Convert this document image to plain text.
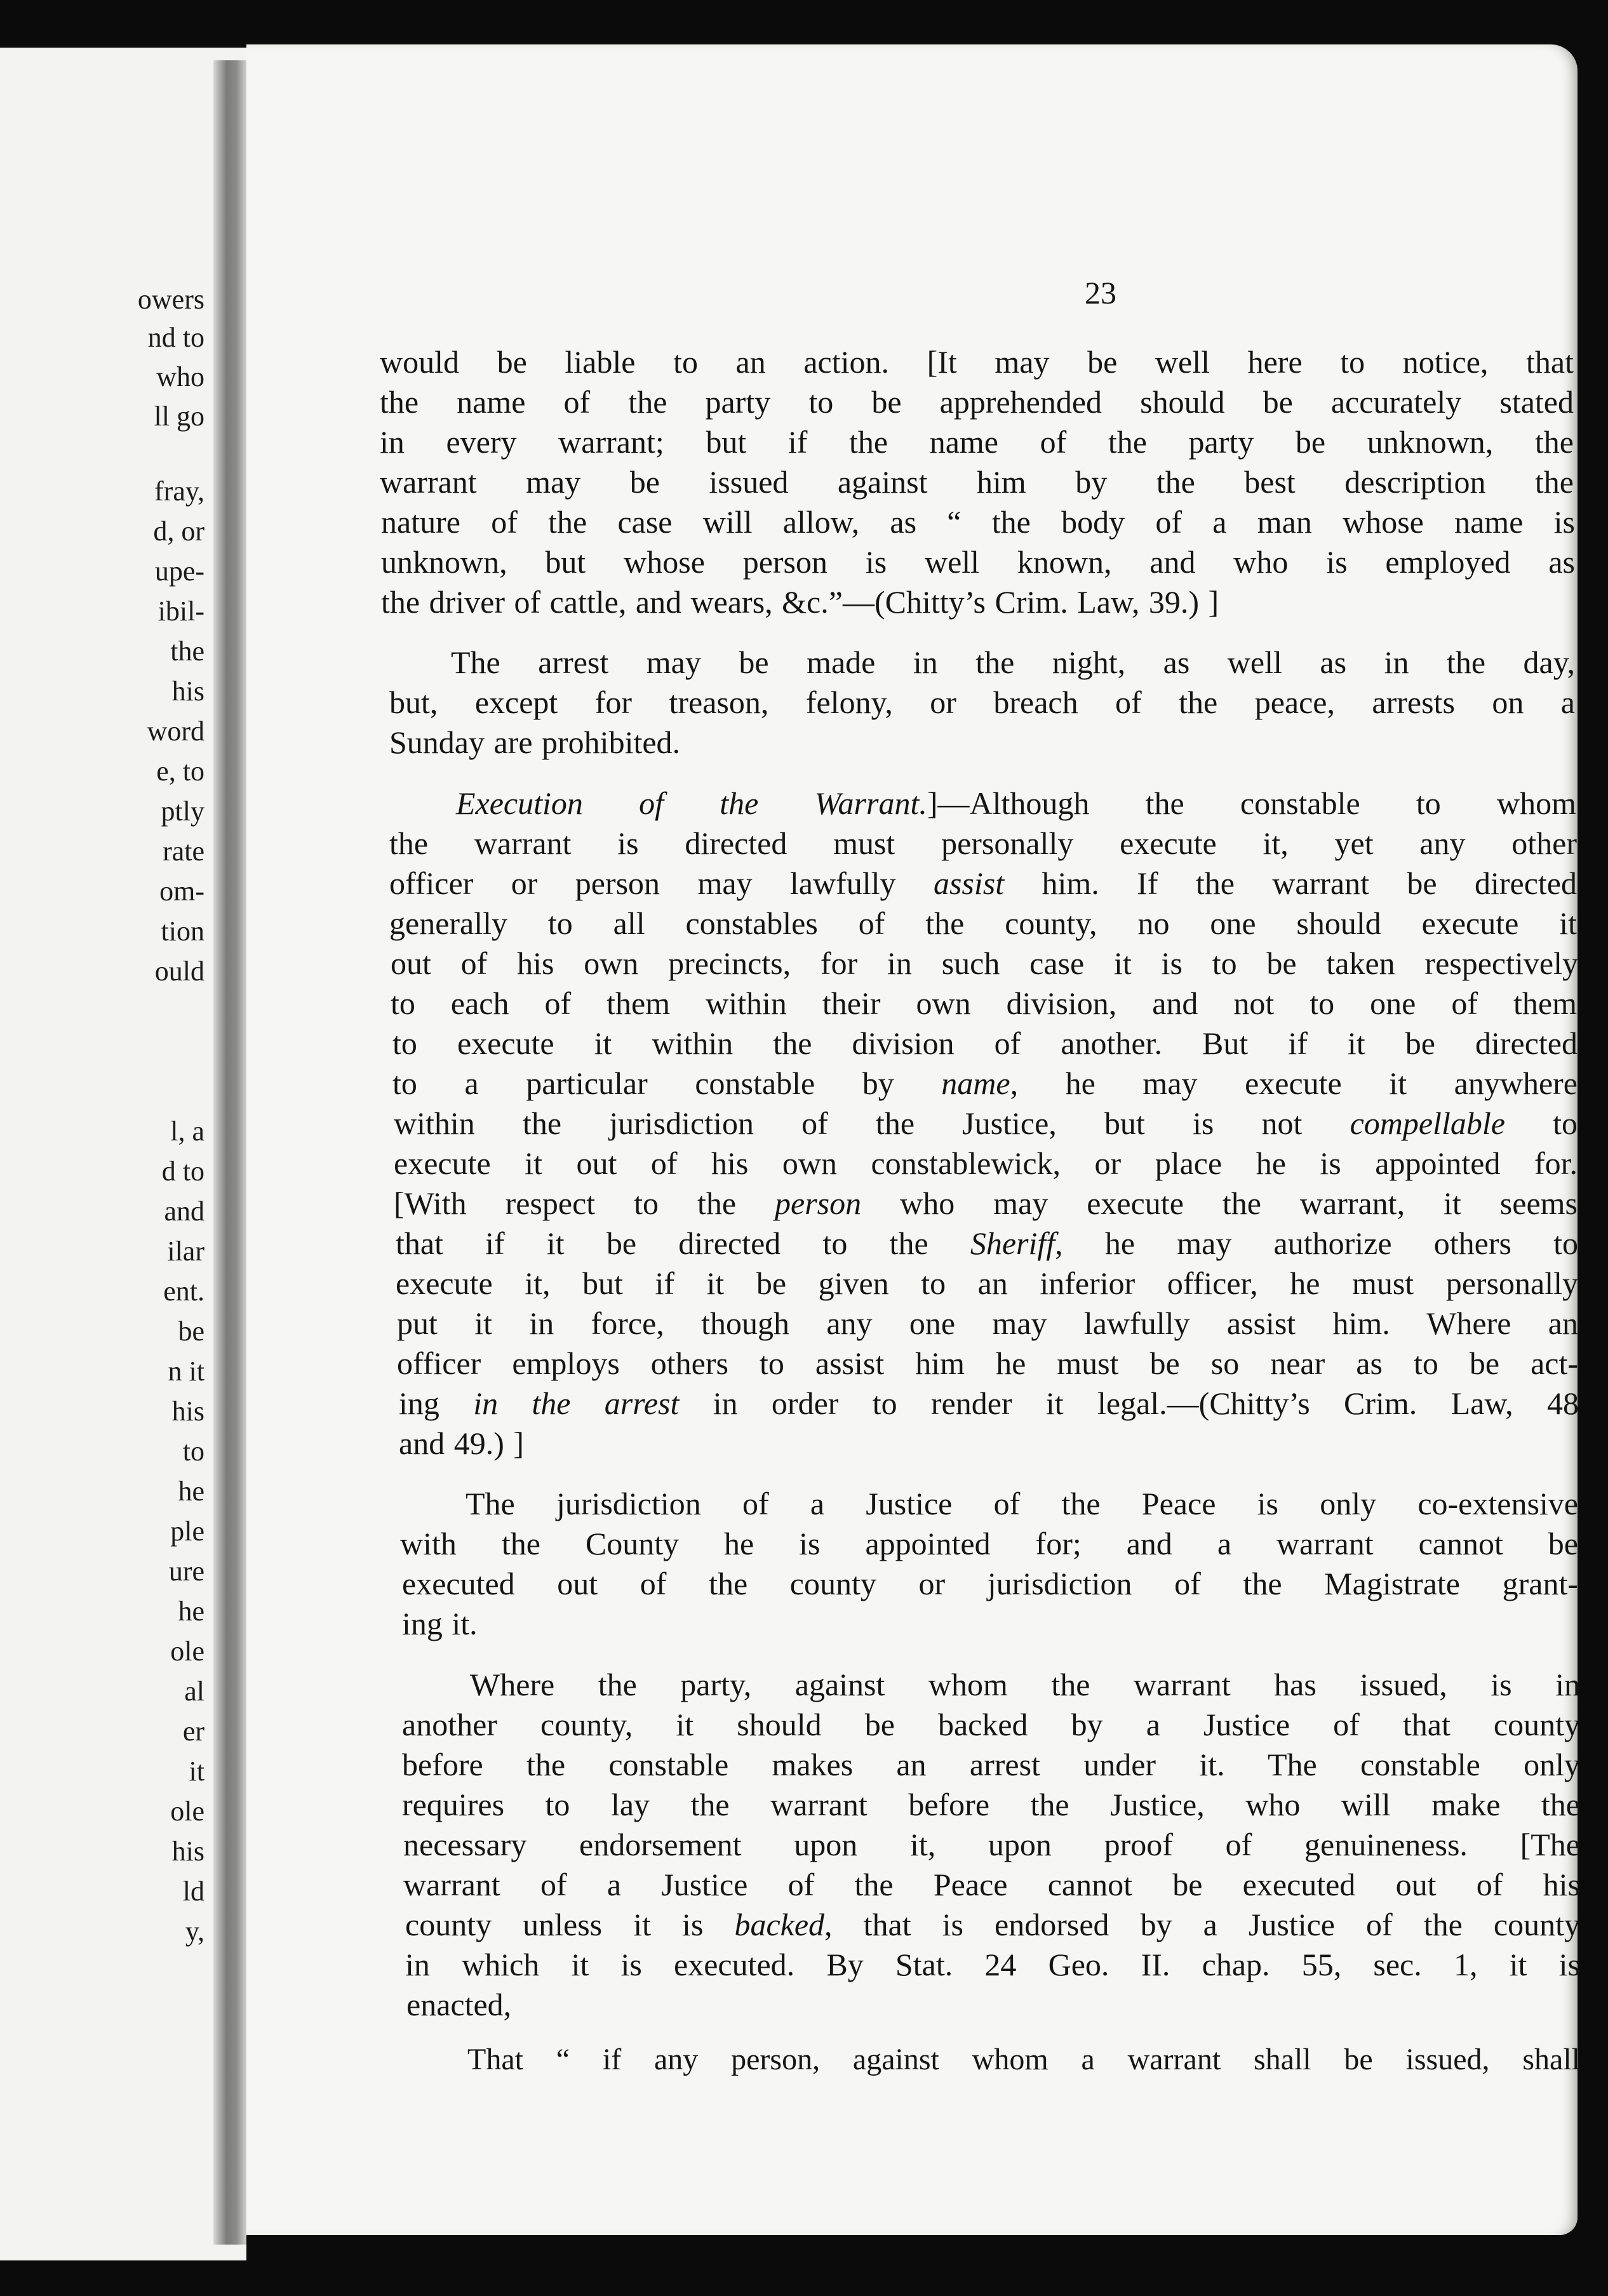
owers
nd to
who
ll go
fray,
d, or
upe-
ibil-
the
his
word
e, to
ptly
rate
om-
tion
ould
l, a
d to
and
ilar
ent.
be
n it
his
to
he
ple
ure
he
ole
al
er
it
ole
his
ld
y,
23
would be liable to an action. [It may be well here to notice, that
the name of the party to be apprehended should be accurately stated
in every warrant; but if the name of the party be unknown, the
warrant may be issued against him by the best description the
nature of the case will allow, as “ the body of a man whose name is
unknown, but whose person is well known, and who is employed as
the driver of cattle, and wears, &c.”—(Chitty’s Crim. Law, 39.) ]
The arrest may be made in the night, as well as in the day,
but, except for treason, felony, or breach of the peace, arrests on a
Sunday are prohibited.
Execution of the Warrant.]—Although the constable to whom
the warrant is directed must personally execute it, yet any other
officer or person may lawfully assist him. If the warrant be directed
generally to all constables of the county, no one should execute it
out of his own precincts, for in such case it is to be taken respectively
to each of them within their own division, and not to one of them
to execute it within the division of another. But if it be directed
to a particular constable by name, he may execute it anywhere
within the jurisdiction of the Justice, but is not compellable to
execute it out of his own constablewick, or place he is appointed for.
[With respect to the person who may execute the warrant, it seems
that if it be directed to the Sheriff, he may authorize others to
execute it, but if it be given to an inferior officer, he must personally
put it in force, though any one may lawfully assist him. Where an
officer employs others to assist him he must be so near as to be act-
ing in the arrest in order to render it legal.—(Chitty’s Crim. Law, 48
and 49.) ]
The jurisdiction of a Justice of the Peace is only co-extensive
with the County he is appointed for; and a warrant cannot be
executed out of the county or jurisdiction of the Magistrate grant-
ing it.
Where the party, against whom the warrant has issued, is in
another county, it should be backed by a Justice of that county
before the constable makes an arrest under it. The constable only
requires to lay the warrant before the Justice, who will make the
necessary endorsement upon it, upon proof of genuineness. [The
warrant of a Justice of the Peace cannot be executed out of his
county unless it is backed, that is endorsed by a Justice of the county
in which it is executed. By Stat. 24 Geo. II. chap. 55, sec. 1, it is
enacted,
That “ if any person, against whom a warrant shall be issued, shall
